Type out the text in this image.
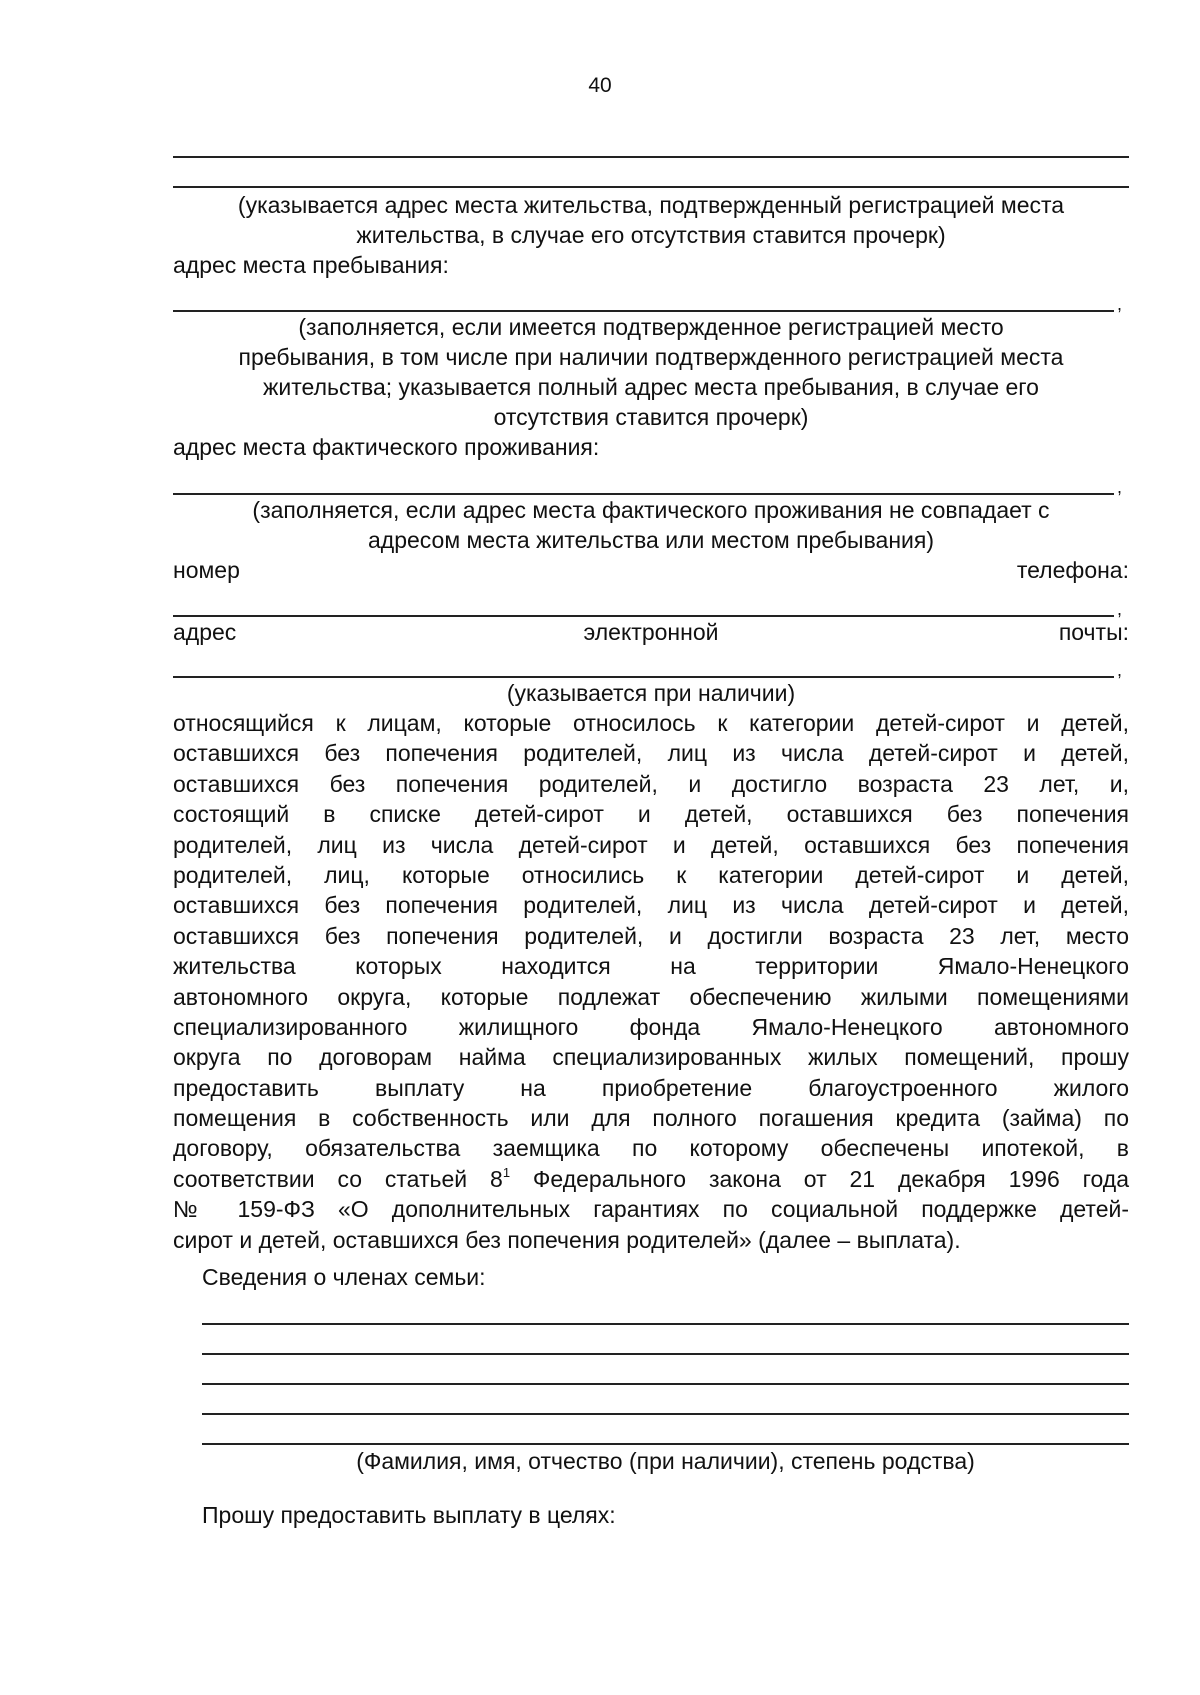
40
(указывается адрес места жительства, подтвержденный регистрацией места
жительства, в случае его отсутствия ставится прочерк)
адрес места пребывания:
,
(заполняется, если имеется подтвержденное регистрацией место
пребывания, в том числе при наличии подтвержденного регистрацией места
жительства; указывается полный адрес места пребывания, в случае его
отсутствия ставится прочерк)
адрес места фактического проживания:
,
(заполняется, если адрес места фактического проживания не совпадает с
адресом места жительства или местом пребывания)
номер	телефона:
,
адрес	электронной	почты:
,
(указывается при наличии)
относящийся к лицам, которые относилось к категории детей-сирот и детей,
оставшихся без попечения родителей, лиц из числа детей-сирот и детей,
оставшихся без попечения родителей, и достигло возраста 23 лет, и,
состоящий в списке детей-сирот и детей, оставшихся без попечения
родителей, лиц из числа детей-сирот и детей, оставшихся без попечения
родителей, лиц, которые относились к категории детей-сирот и детей,
оставшихся без попечения родителей, лиц из числа детей-сирот и детей,
оставшихся без попечения родителей, и достигли возраста 23 лет, место
жительства которых находится на территории Ямало-Ненецкого
автономного округа, которые подлежат обеспечению жилыми помещениями
специализированного жилищного фонда Ямало-Ненецкого автономного
округа по договорам найма специализированных жилых помещений, прошу
предоставить выплату на приобретение благоустроенного жилого
помещения в собственность или для полного погашения кредита (займа) по
договору, обязательства заемщика по которому обеспечены ипотекой, в
соответствии со статьей $8^1$ Федерального закона от 21 декабря 1996 года
№ 159-ФЗ «О дополнительных гарантиях по социальной поддержке детей-
сирот и детей, оставшихся без попечения родителей» (далее – выплата).
Сведения о членах семьи:
(Фамилия, имя, отчество (при наличии), степень родства)
Прошу предоставить выплату в целях:
